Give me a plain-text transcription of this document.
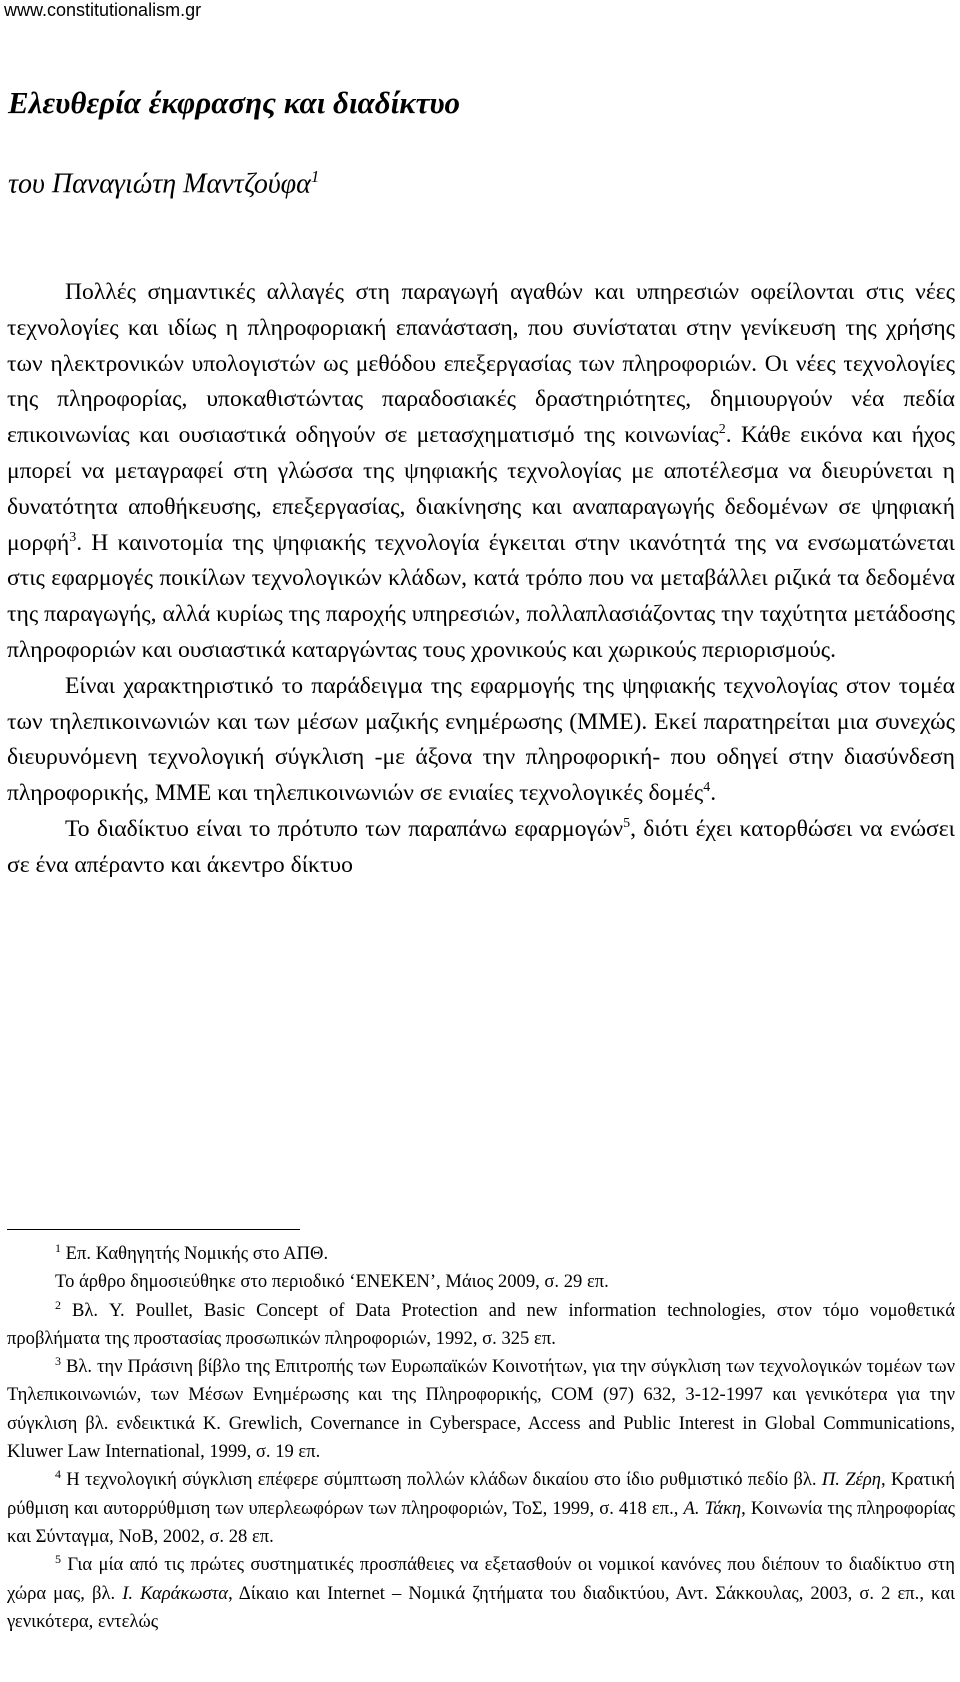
www.constitutionalism.gr
Ελευθερία έκφρασης και διαδίκτυο
του Παναγιώτη Μαντζούφα$^1$

Πολλές σημαντικές αλλαγές στη παραγωγή αγαθών και υπηρεσιών οφείλονται στις νέες τεχνολογίες και ιδίως η πληροφοριακή επανάσταση, που συνίσταται στην γενίκευση της χρήσης των ηλεκτρονικών υπολογιστών ως μεθόδου επεξεργασίας των πληροφοριών. Οι νέες τεχνολογίες της πληροφορίας, υποκαθιστώντας παραδοσιακές δραστηριότητες, δημιουργούν νέα πεδία επικοινωνίας και ουσιαστικά οδηγούν σε μετασχηματισμό της κοινωνίας$^2$. Κάθε εικόνα και ήχος μπορεί να μεταγραφεί στη γλώσσα της ψηφιακής τεχνολογίας με αποτέλεσμα να διευρύνεται η δυνατότητα αποθήκευσης, επεξεργασίας, διακίνησης και αναπαραγωγής δεδομένων σε ψηφιακή μορφή$^3$. Η καινοτομία της ψηφιακής τεχνολογία έγκειται στην ικανότητά της να ενσωματώνεται στις εφαρμογές ποικίλων τεχνολογικών κλάδων, κατά τρόπο που να μεταβάλλει ριζικά τα δεδομένα της παραγωγής, αλλά κυρίως της παροχής υπηρεσιών, πολλαπλασιάζοντας την ταχύτητα μετάδοσης πληροφοριών και ουσιαστικά καταργώντας τους χρονικούς και χωρικούς περιορισμούς.

Είναι χαρακτηριστικό το παράδειγμα της εφαρμογής της ψηφιακής τεχνολογίας στον τομέα των τηλεπικοινωνιών και των μέσων μαζικής ενημέρωσης (ΜΜΕ). Εκεί παρατηρείται μια συνεχώς διευρυνόμενη τεχνολογική σύγκλιση -με άξονα την πληροφορική- που οδηγεί στην διασύνδεση πληροφορικής, ΜΜΕ και τηλεπικοινωνιών σε ενιαίες τεχνολογικές δομές$^4$.

Το διαδίκτυο είναι το πρότυπο των παραπάνω εφαρμογών$^5$, διότι έχει κατορθώσει να ενώσει σε ένα απέραντο και άκεντρο δίκτυο

$^1$ Επ. Καθηγητής Νομικής στο ΑΠΘ.

Το άρθρο δημοσιεύθηκε στο περιοδικό ‘ΕΝΕΚΕΝ’, Μάιος 2009, σ. 29 επ.

$^2$ Βλ. Y. Poullet, Basic Concept of Data Protection and new information technologies, στον τόμο νομοθετικά προβλήματα της προστασίας προσωπικών πληροφοριών, 1992, σ. 325 επ.

$^3$ Βλ. την Πράσινη βίβλο της Επιτροπής των Ευρωπαϊκών Κοινοτήτων, για την σύγκλιση των τεχνολογικών τομέων των Τηλεπικοινωνιών, των Μέσων Ενημέρωσης και της Πληροφορικής, COM (97) 632, 3-12-1997 και γενικότερα για την σύγκλιση βλ. ενδεικτικά K. Grewlich, Covernance in Cyberspace, Access and Public Interest in Global Communications, Kluwer Law International, 1999, σ. 19 επ.

$^4$ Η τεχνολογική σύγκλιση επέφερε σύμπτωση πολλών κλάδων δικαίου στο ίδιο ρυθμιστικό πεδίο βλ. Π. Ζέρη, Κρατική ρύθμιση και αυτορρύθμιση των υπερλεωφόρων των πληροφοριών, ΤοΣ, 1999, σ. 418 επ., Α. Τάκη, Κοινωνία της πληροφορίας και Σύνταγμα, ΝοΒ, 2002, σ. 28 επ.

$^5$ Για μία από τις πρώτες συστηματικές προσπάθειες να εξετασθούν οι νομικοί κανόνες που διέπουν το διαδίκτυο στη χώρα μας, βλ. Ι. Καράκωστα, Δίκαιο και Internet – Νομικά ζητήματα του διαδικτύου, Αντ. Σάκκουλας, 2003, σ. 2 επ., και γενικότερα, εντελώς
